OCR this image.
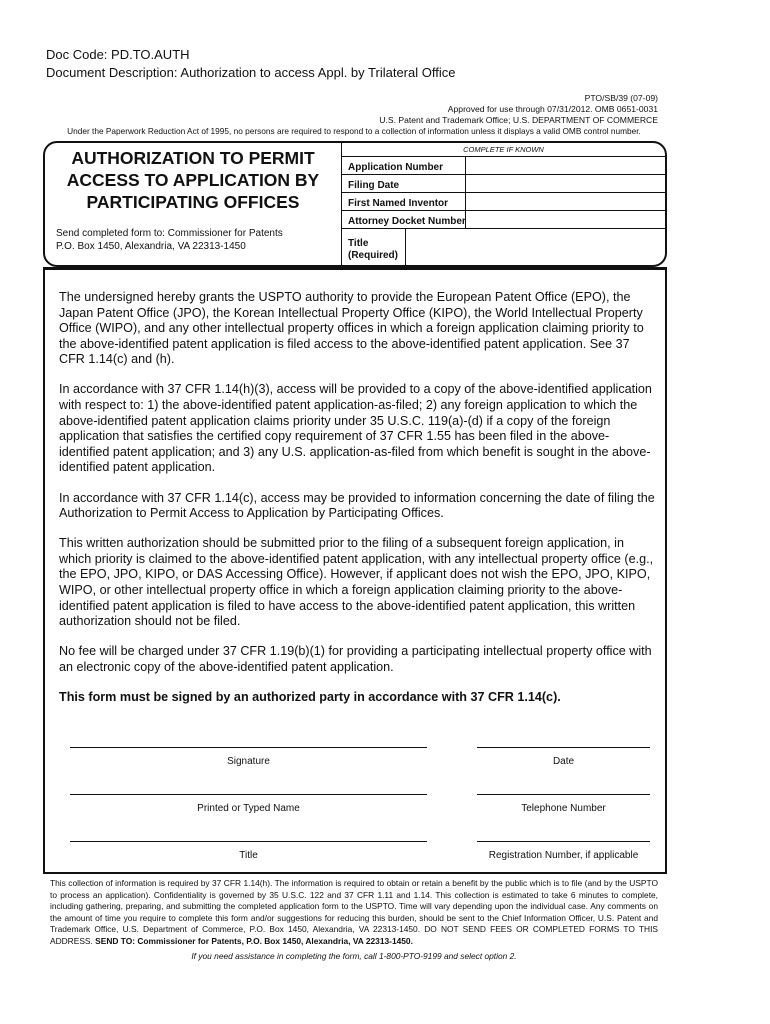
Doc Code: PD.TO.AUTH
Document Description: Authorization to access Appl. by Trilateral Office
PTO/SB/39 (07-09)
Approved for use through 07/31/2012. OMB 0651-0031
U.S. Patent and Trademark Office; U.S. DEPARTMENT OF COMMERCE
Under the Paperwork Reduction Act of 1995, no persons are required to respond to a collection of information unless it displays a valid OMB control number.
AUTHORIZATION TO PERMIT
ACCESS TO APPLICATION BY
PARTICIPATING OFFICES
Send completed form to: Commissioner for Patents
P.O. Box 1450, Alexandria, VA 22313-1450
COMPLETE IF KNOWN
Application Number
Filing Date
First Named Inventor
Attorney Docket Number
Title
(Required)

The undersigned hereby grants the USPTO authority to provide the European Patent Office (EPO), the Japan Patent Office (JPO), the Korean Intellectual Property Office (KIPO), the World Intellectual Property Office (WIPO), and any other intellectual property offices in which a foreign application claiming priority to the above-identified patent application is filed access to the above-identified patent application. See 37 CFR 1.14(c) and (h).

In accordance with 37 CFR 1.14(h)(3), access will be provided to a copy of the above-identified application with respect to: 1) the above-identified patent application-as-filed; 2) any foreign application to which the above-identified patent application claims priority under 35 U.S.C. 119(a)-(d) if a copy of the foreign application that satisfies the certified copy requirement of 37 CFR 1.55 has been filed in the above-identified patent application; and 3) any U.S. application-as-filed from which benefit is sought in the above-identified patent application.

In accordance with 37 CFR 1.14(c), access may be provided to information concerning the date of filing the Authorization to Permit Access to Application by Participating Offices.

This written authorization should be submitted prior to the filing of a subsequent foreign application, in which priority is claimed to the above-identified patent application, with any intellectual property office (e.g., the EPO, JPO, KIPO, or DAS Accessing Office). However, if applicant does not wish the EPO, JPO, KIPO, WIPO, or other intellectual property office in which a foreign application claiming priority to the above-identified patent application is filed to have access to the above-identified patent application, this written authorization should not be filed.

No fee will be charged under 37 CFR 1.19(b)(1) for providing a participating intellectual property office with an electronic copy of the above-identified patent application.

This form must be signed by an authorized party in accordance with 37 CFR 1.14(c).

Signature	Date
Printed or Typed Name	Telephone Number
Title	Registration Number, if applicable
This collection of information is required by 37 CFR 1.14(h). The information is required to obtain or retain a benefit by the public which is to file (and by the USPTO to process an application). Confidentiality is governed by 35 U.S.C. 122 and 37 CFR 1.11 and 1.14. This collection is estimated to take 6 minutes to complete, including gathering, preparing, and submitting the completed application form to the USPTO. Time will vary depending upon the individual case. Any comments on the amount of time you require to complete this form and/or suggestions for reducing this burden, should be sent to the Chief Information Officer, U.S. Patent and Trademark Office, U.S. Department of Commerce, P.O. Box 1450, Alexandria, VA 22313-1450. DO NOT SEND FEES OR COMPLETED FORMS TO THIS ADDRESS. SEND TO: Commissioner for Patents, P.O. Box 1450, Alexandria, VA 22313-1450.
If you need assistance in completing the form, call 1-800-PTO-9199 and select option 2.
